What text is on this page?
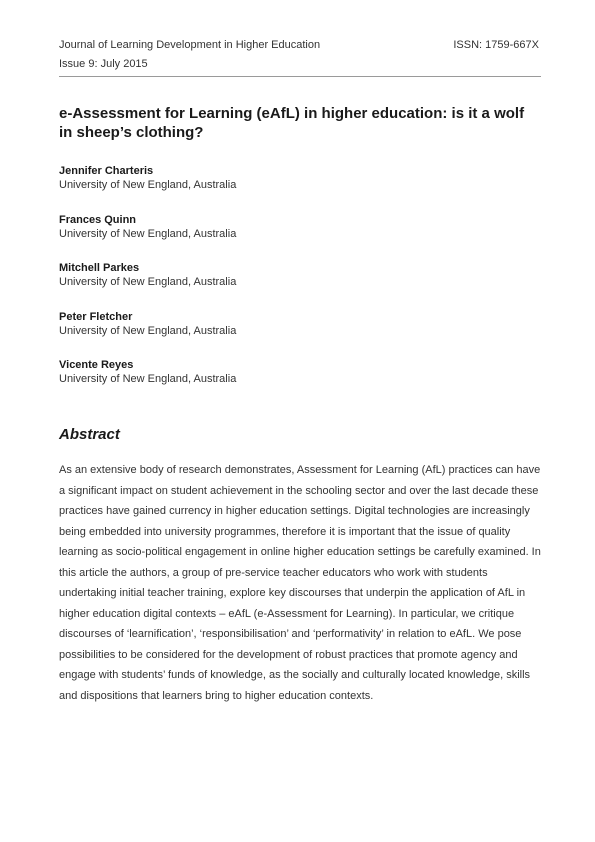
Journal of Learning Development in Higher Education	ISSN: 1759-667X
Issue 9: July 2015
e-Assessment for Learning (eAfL) in higher education: is it a wolf in sheep’s clothing?
Jennifer Charteris
University of New England, Australia
Frances Quinn
University of New England, Australia
Mitchell Parkes
University of New England, Australia
Peter Fletcher
University of New England, Australia
Vicente Reyes
University of New England, Australia
Abstract

As an extensive body of research demonstrates, Assessment for Learning (AfL) practices can have a significant impact on student achievement in the schooling sector and over the last decade these practices have gained currency in higher education settings. Digital technologies are increasingly being embedded into university programmes, therefore it is important that the issue of quality learning as socio-political engagement in online higher education settings be carefully examined. In this article the authors, a group of pre-service teacher educators who work with students undertaking initial teacher training, explore key discourses that underpin the application of AfL in higher education digital contexts – eAfL (e-Assessment for Learning). In particular, we critique discourses of ‘learnification’, ‘responsibilisation’ and ‘performativity’ in relation to eAfL. We pose possibilities to be considered for the development of robust practices that promote agency and engage with students’ funds of knowledge, as the socially and culturally located knowledge, skills and dispositions that learners bring to higher education contexts.
